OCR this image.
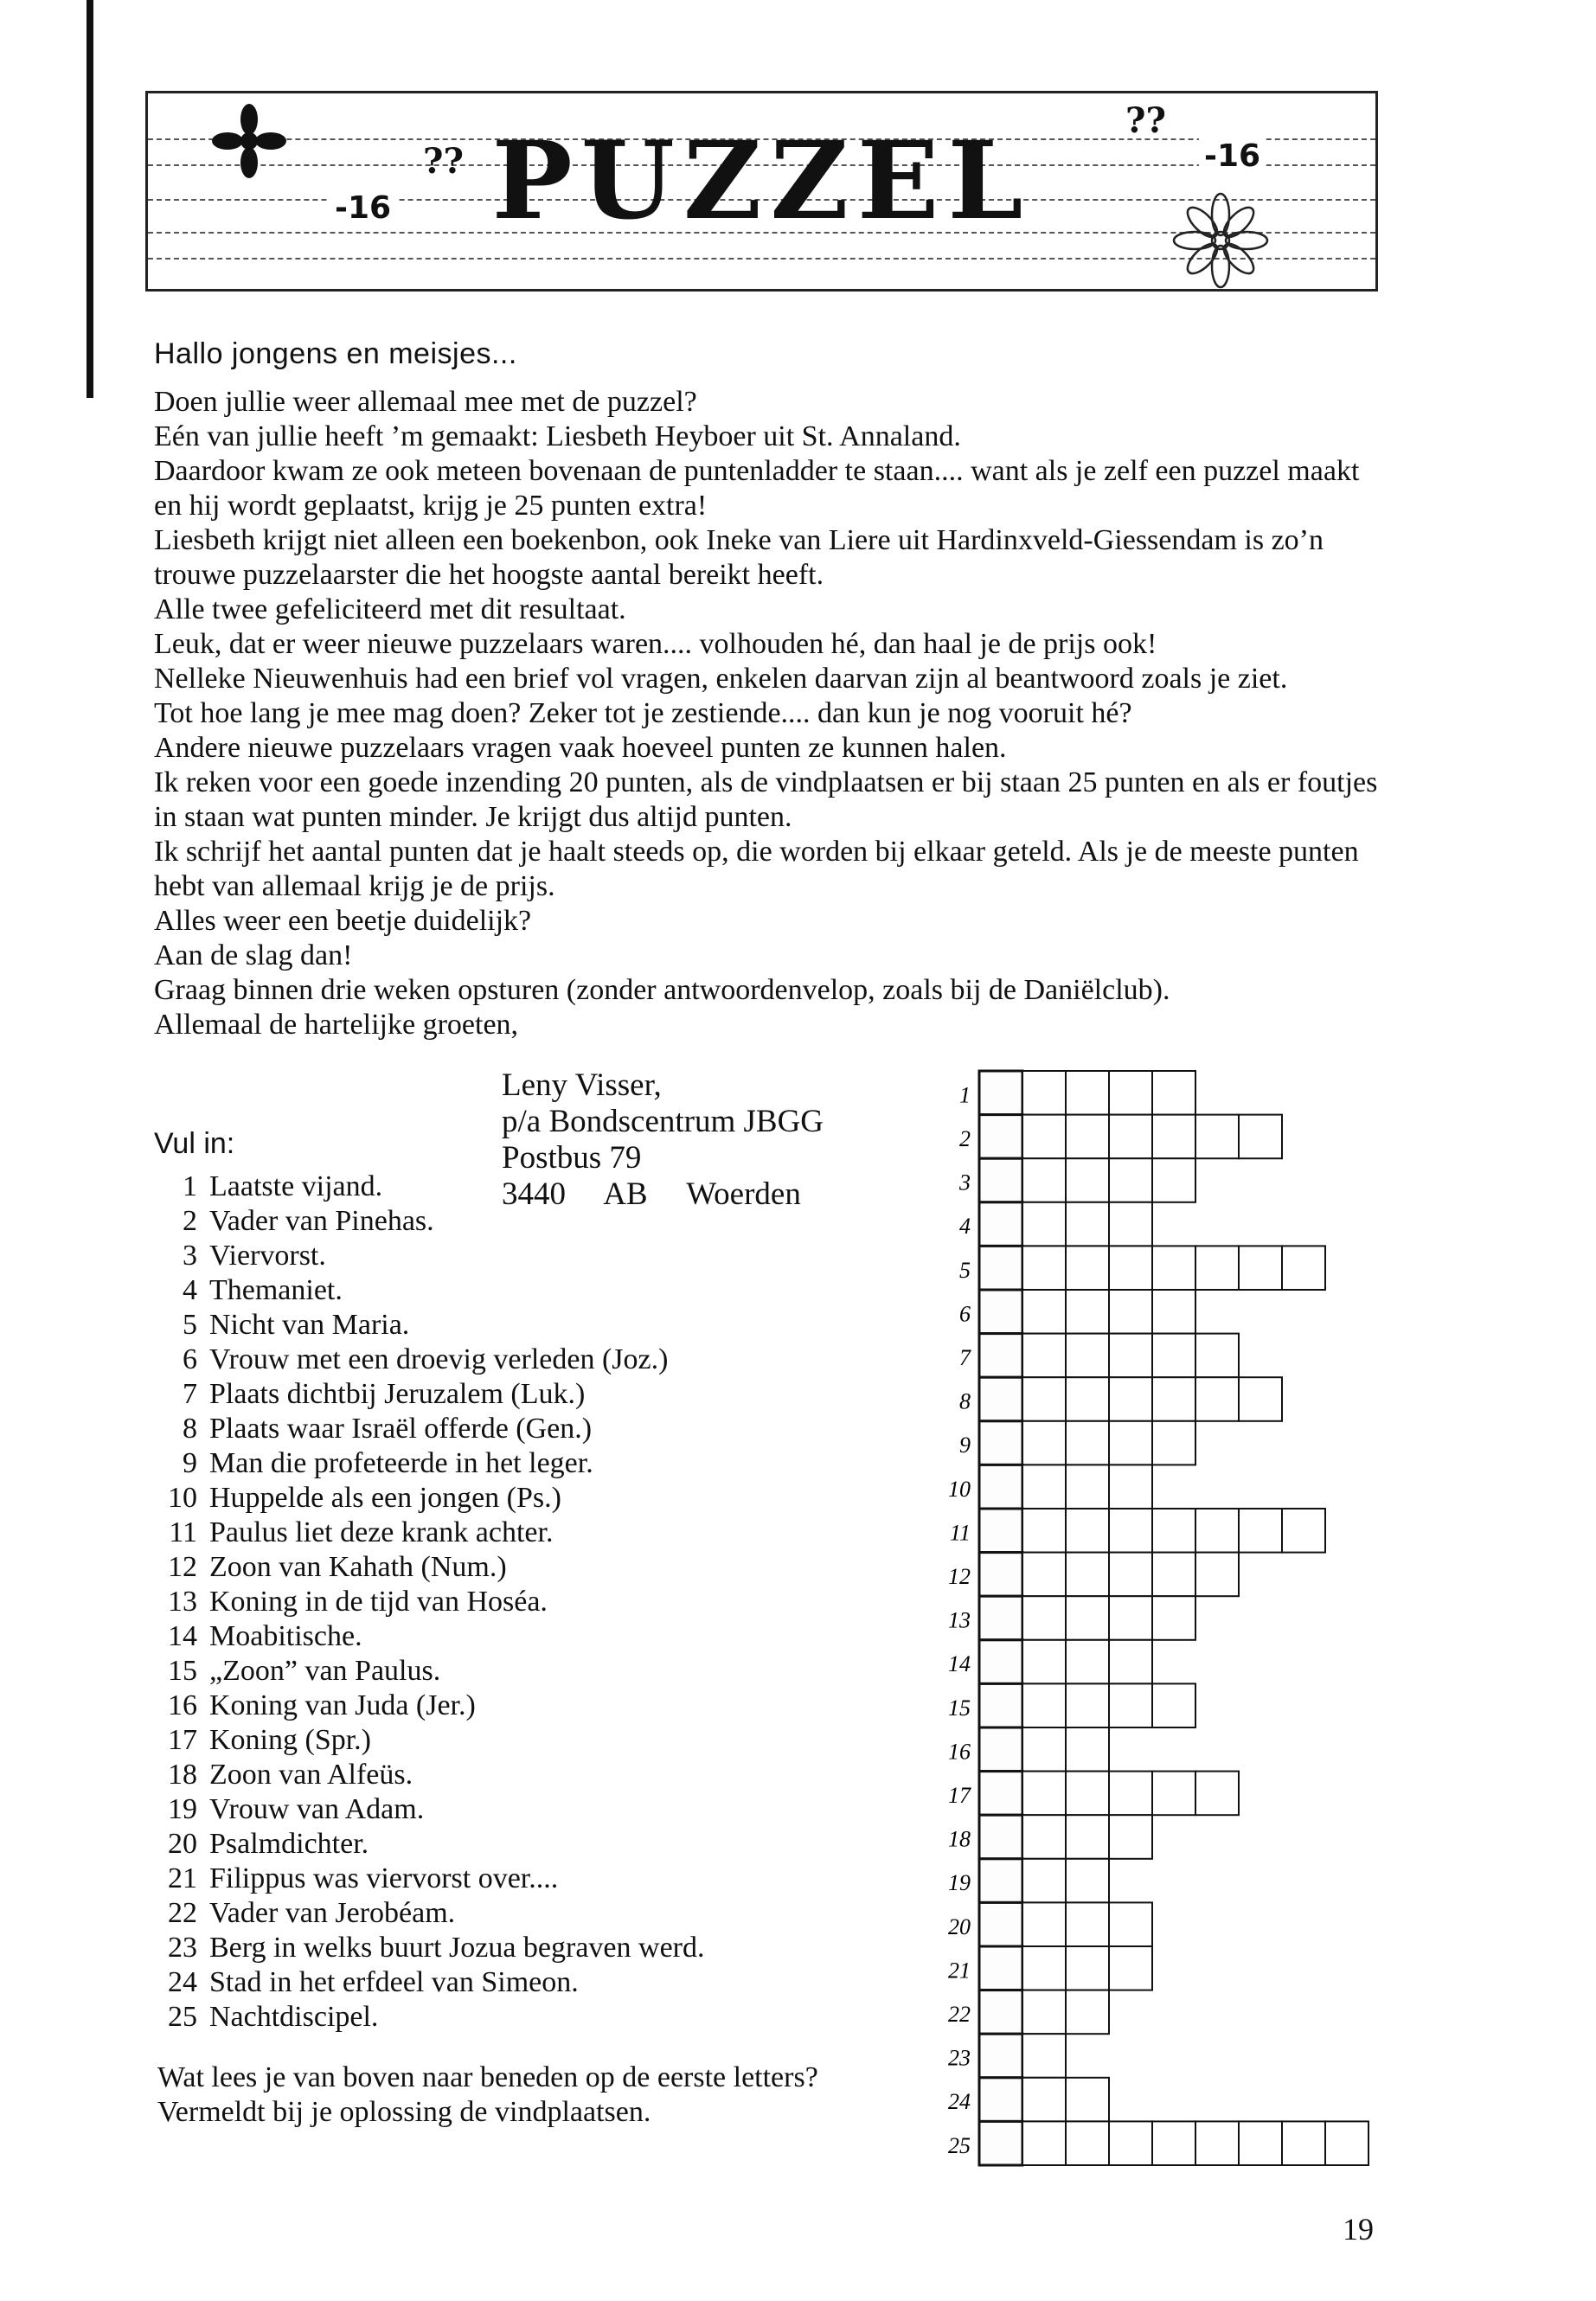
??
-16 PUZZEL	??
-16
Hallo jongens en meisjes...

Doen jullie weer allemaal mee met de puzzel?

Eén van jullie heeft ’m gemaakt: Liesbeth Heyboer uit St. Annaland.

Daardoor kwam ze ook meteen bovenaan de puntenladder te staan.... want als je zelf een puzzel maakt en hij wordt geplaatst, krijg je 25 punten extra!

Liesbeth krijgt niet alleen een boekenbon, ook Ineke van Liere uit Hardinxveld-Giessendam is zo’n trouwe puzzelaarster die het hoogste aantal bereikt heeft.

Alle twee gefeliciteerd met dit resultaat.

Leuk, dat er weer nieuwe puzzelaars waren.... volhouden hé, dan haal je de prijs ook!

Nelleke Nieuwenhuis had een brief vol vragen, enkelen daarvan zijn al beantwoord zoals je ziet.

Tot hoe lang je mee mag doen? Zeker tot je zestiende.... dan kun je nog vooruit hé?

Andere nieuwe puzzelaars vragen vaak hoeveel punten ze kunnen halen.

Ik reken voor een goede inzending 20 punten, als de vindplaatsen er bij staan 25 punten en als er foutjes in staan wat punten minder. Je krijgt dus altijd punten.

Ik schrijf het aantal punten dat je haalt steeds op, die worden bij elkaar geteld. Als je de meeste punten hebt van allemaal krijg je de prijs.

Alles weer een beetje duidelijk?

Aan de slag dan!

Graag binnen drie weken opsturen (zonder antwoordenvelop, zoals bij de Daniëlclub).

Allemaal de hartelijke groeten,

Leny Visser,
p/a Bondscentrum JBGG
Postbus 79
3440 AB Woerden
Vul in:
1 Laatste vijand.
2 Vader van Pinehas.
3 Viervorst.
4 Themaniet.
5 Nicht van Maria.
6 Vrouw met een droevig verleden (Joz.)
7 Plaats dichtbij Jeruzalem (Luk.)
8 Plaats waar Israël offerde (Gen.)
9 Man die profeteerde in het leger.
10 Huppelde als een jongen (Ps.)
11 Paulus liet deze krank achter.
12 Zoon van Kahath (Num.)
13 Koning in de tijd van Hoséa.
14 Moabitische.
15 „Zoon” van Paulus.
16 Koning van Juda (Jer.)
17 Koning (Spr.)
18 Zoon van Alfeüs.
19 Vrouw van Adam.
20 Psalmdichter.
21 Filippus was viervorst over....
22 Vader van Jerobéam.
23 Berg in welks buurt Jozua begraven werd.
24 Stad in het erfdeel van Simeon.
25 Nachtdiscipel.

Wat lees je van boven naar beneden op de eerste letters?

Vermeldt bij je oplossing de vindplaatsen.

1
2
3
4
5
6
7
8
9
10
11
12
13
14
15
16
17
18
19
20
21
22
23
24
25
19
